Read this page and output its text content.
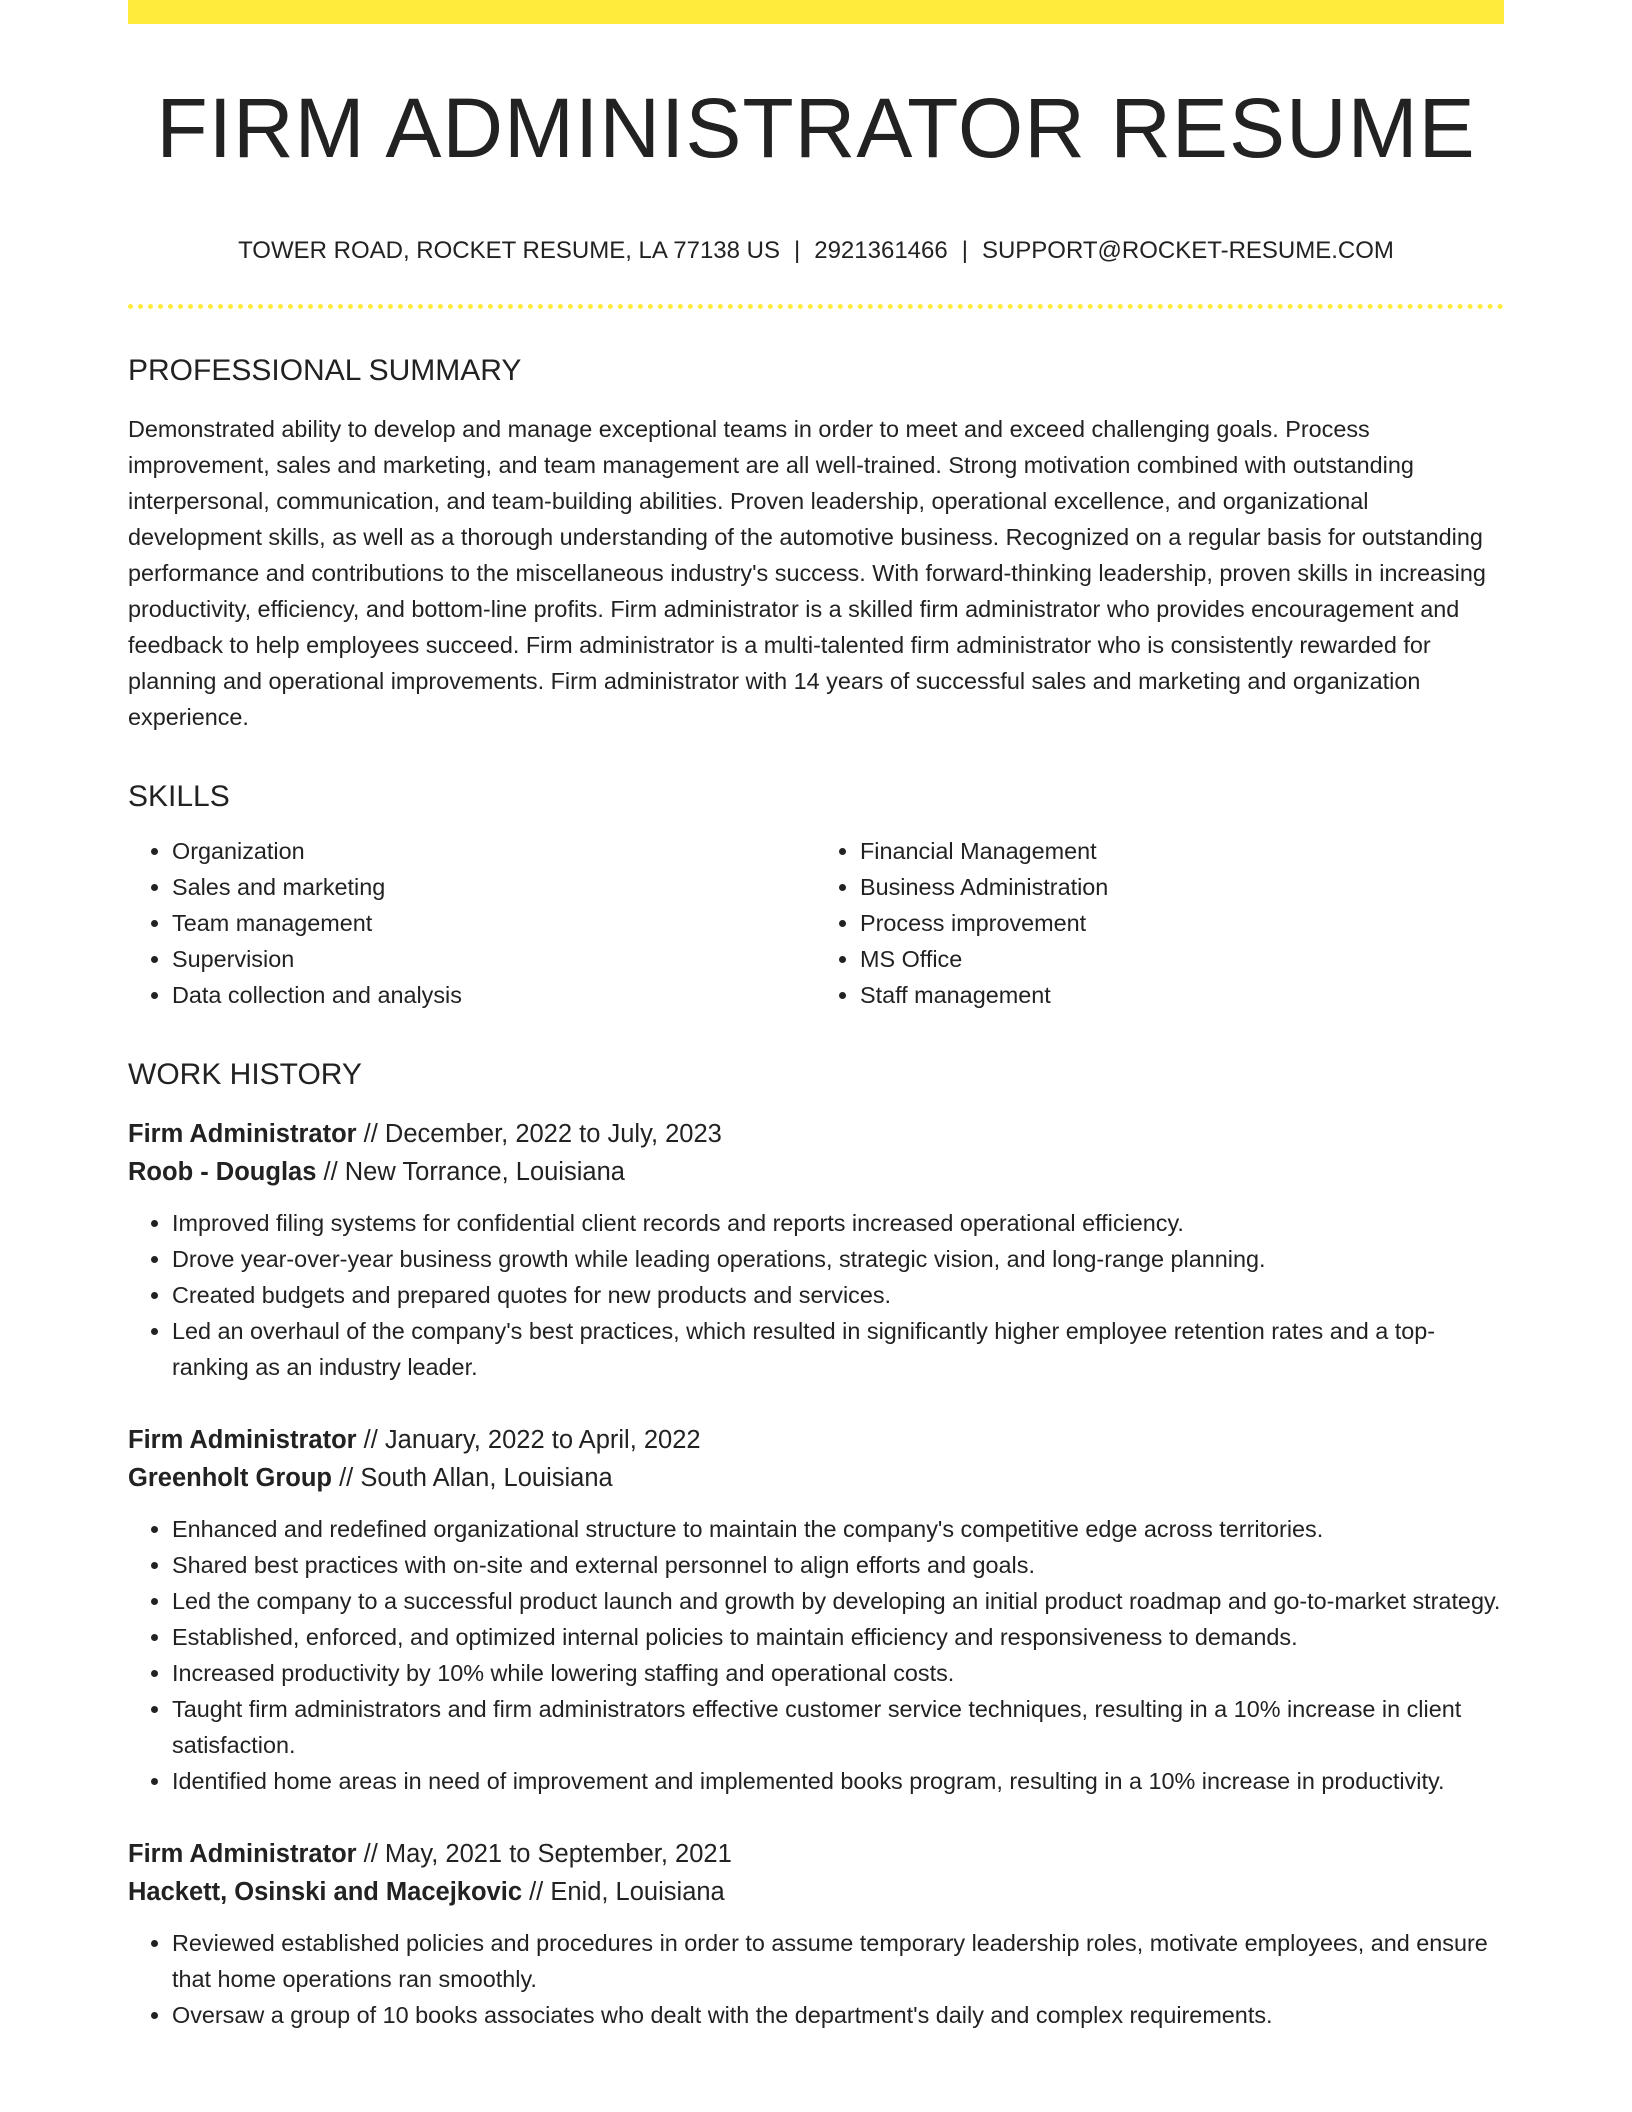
FIRM ADMINISTRATOR RESUME
TOWER ROAD, ROCKET RESUME, LA 77138 US | 2921361466 | SUPPORT@ROCKET-RESUME.COM
PROFESSIONAL SUMMARY
Demonstrated ability to develop and manage exceptional teams in order to meet and exceed challenging goals. Process improvement, sales and marketing, and team management are all well-trained. Strong motivation combined with outstanding interpersonal, communication, and team-building abilities. Proven leadership, operational excellence, and organizational development skills, as well as a thorough understanding of the automotive business. Recognized on a regular basis for outstanding performance and contributions to the miscellaneous industry's success. With forward-thinking leadership, proven skills in increasing productivity, efficiency, and bottom-line profits. Firm administrator is a skilled firm administrator who provides encouragement and feedback to help employees succeed. Firm administrator is a multi-talented firm administrator who is consistently rewarded for planning and operational improvements. Firm administrator with 14 years of successful sales and marketing and organization experience.
SKILLS
• Organization
• Sales and marketing
• Team management
• Supervision
• Data collection and analysis
• Financial Management
• Business Administration
• Process improvement
• MS Office
• Staff management
WORK HISTORY
Firm Administrator // December, 2022 to July, 2023
Roob - Douglas // New Torrance, Louisiana
• Improved filing systems for confidential client records and reports increased operational efficiency.
• Drove year-over-year business growth while leading operations, strategic vision, and long-range planning.
• Created budgets and prepared quotes for new products and services.
• Led an overhaul of the company's best practices, which resulted in significantly higher employee retention rates and a top-ranking as an industry leader.
Firm Administrator // January, 2022 to April, 2022
Greenholt Group // South Allan, Louisiana
• Enhanced and redefined organizational structure to maintain the company's competitive edge across territories.
• Shared best practices with on-site and external personnel to align efforts and goals.
• Led the company to a successful product launch and growth by developing an initial product roadmap and go-to-market strategy.
• Established, enforced, and optimized internal policies to maintain efficiency and responsiveness to demands.
• Increased productivity by 10% while lowering staffing and operational costs.
• Taught firm administrators and firm administrators effective customer service techniques, resulting in a 10% increase in client satisfaction.
• Identified home areas in need of improvement and implemented books program, resulting in a 10% increase in productivity.
Firm Administrator // May, 2021 to September, 2021
Hackett, Osinski and Macejkovic // Enid, Louisiana
• Reviewed established policies and procedures in order to assume temporary leadership roles, motivate employees, and ensure that home operations ran smoothly.
• Oversaw a group of 10 books associates who dealt with the department's daily and complex requirements.
